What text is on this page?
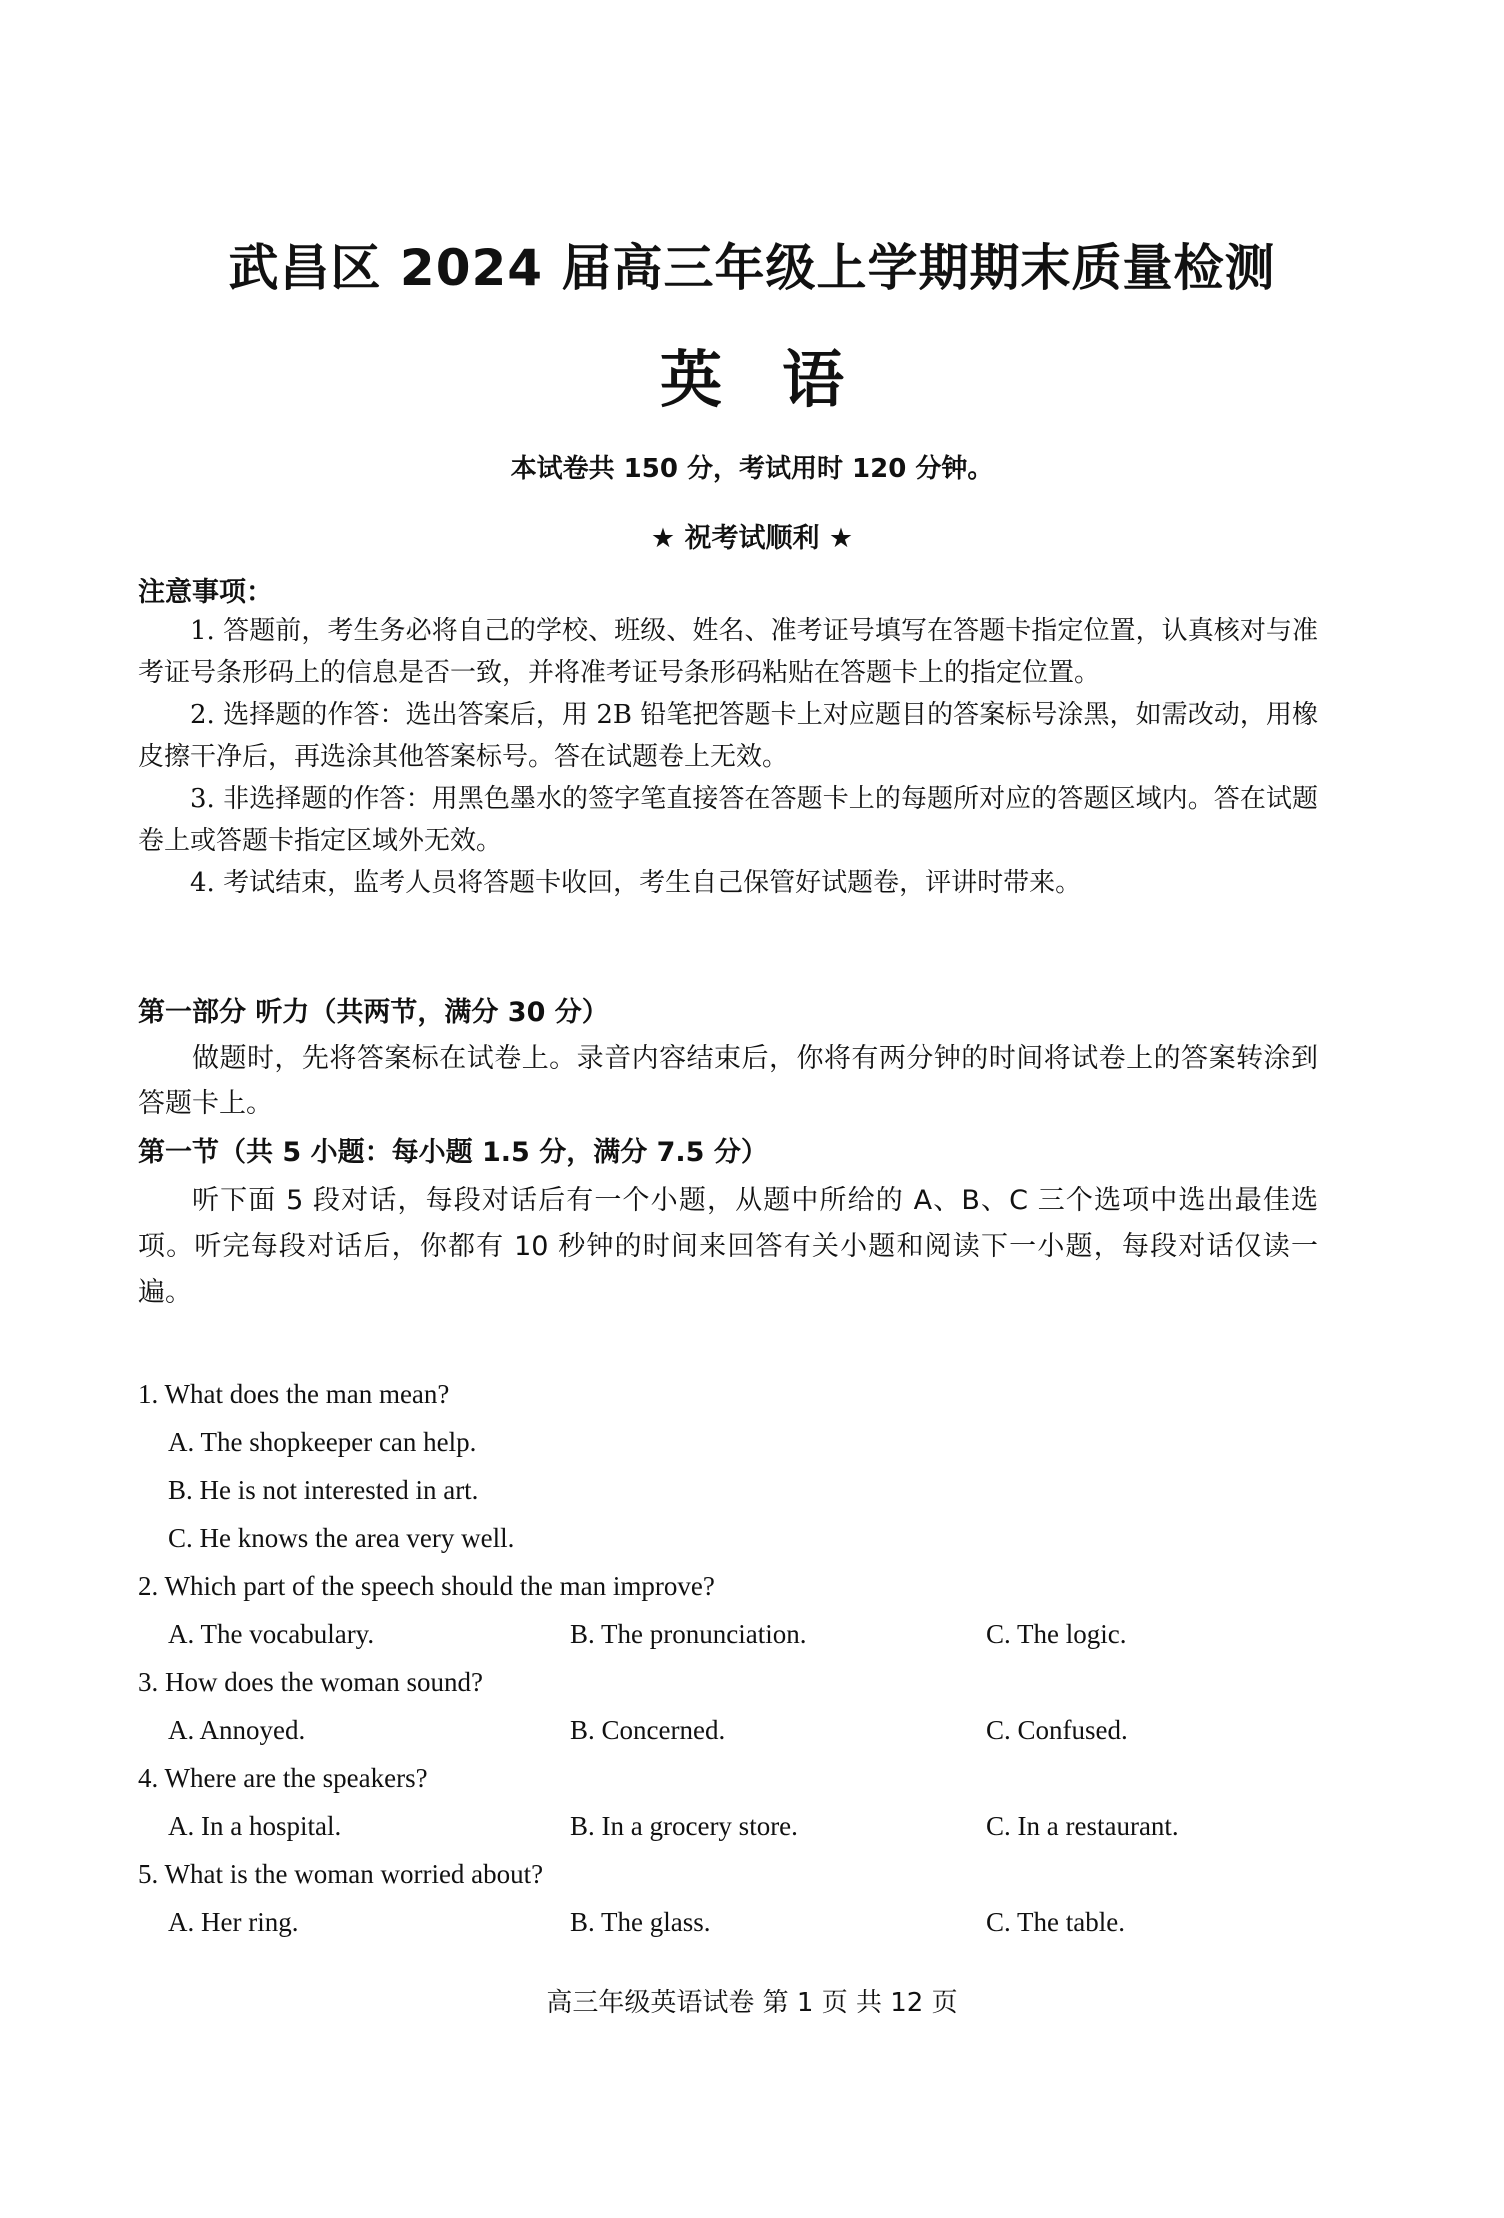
武昌区 2024 届高三年级上学期期末质量检测
英语
本试卷共 150 分，考试用时 120 分钟。
★ 祝考试顺利 ★
注意事项：

1. 答题前，考生务必将自己的学校、班级、姓名、准考证号填写在答题卡指定位置，认真核对与准考证号条形码上的信息是否一致，并将准考证号条形码粘贴在答题卡上的指定位置。

2. 选择题的作答：选出答案后，用 2B 铅笔把答题卡上对应题目的答案标号涂黑，如需改动，用橡皮擦干净后，再选涂其他答案标号。答在试题卷上无效。

3. 非选择题的作答：用黑色墨水的签字笔直接答在答题卡上的每题所对应的答题区域内。答在试题卷上或答题卡指定区域外无效。

4. 考试结束，监考人员将答题卡收回，考生自己保管好试题卷，评讲时带来。

第一部分 听力（共两节，满分 30 分）
做题时，先将答案标在试卷上。录音内容结束后，你将有两分钟的时间将试卷上的答案转涂到答题卡上。
第一节（共 5 小题：每小题 1.5 分，满分 7.5 分）
听下面 5 段对话，每段对话后有一个小题，从题中所给的 A、B、C 三个选项中选出最佳选项。听完每段对话后，你都有 10 秒钟的时间来回答有关小题和阅读下一小题，每段对话仅读一遍。
1. What does the man mean?
A. The shopkeeper can help.
B. He is not interested in art.
C. He knows the area very well.
2. Which part of the speech should the man improve?
A. The vocabulary.	B. The pronunciation.	C. The logic.
3. How does the woman sound?
A. Annoyed.	B. Concerned.	C. Confused.
4. Where are the speakers?
A. In a hospital.	B. In a grocery store.	C. In a restaurant.
5. What is the woman worried about?
A. Her ring.	B. The glass.	C. The table.
高三年级英语试卷 第 1 页 共 12 页
